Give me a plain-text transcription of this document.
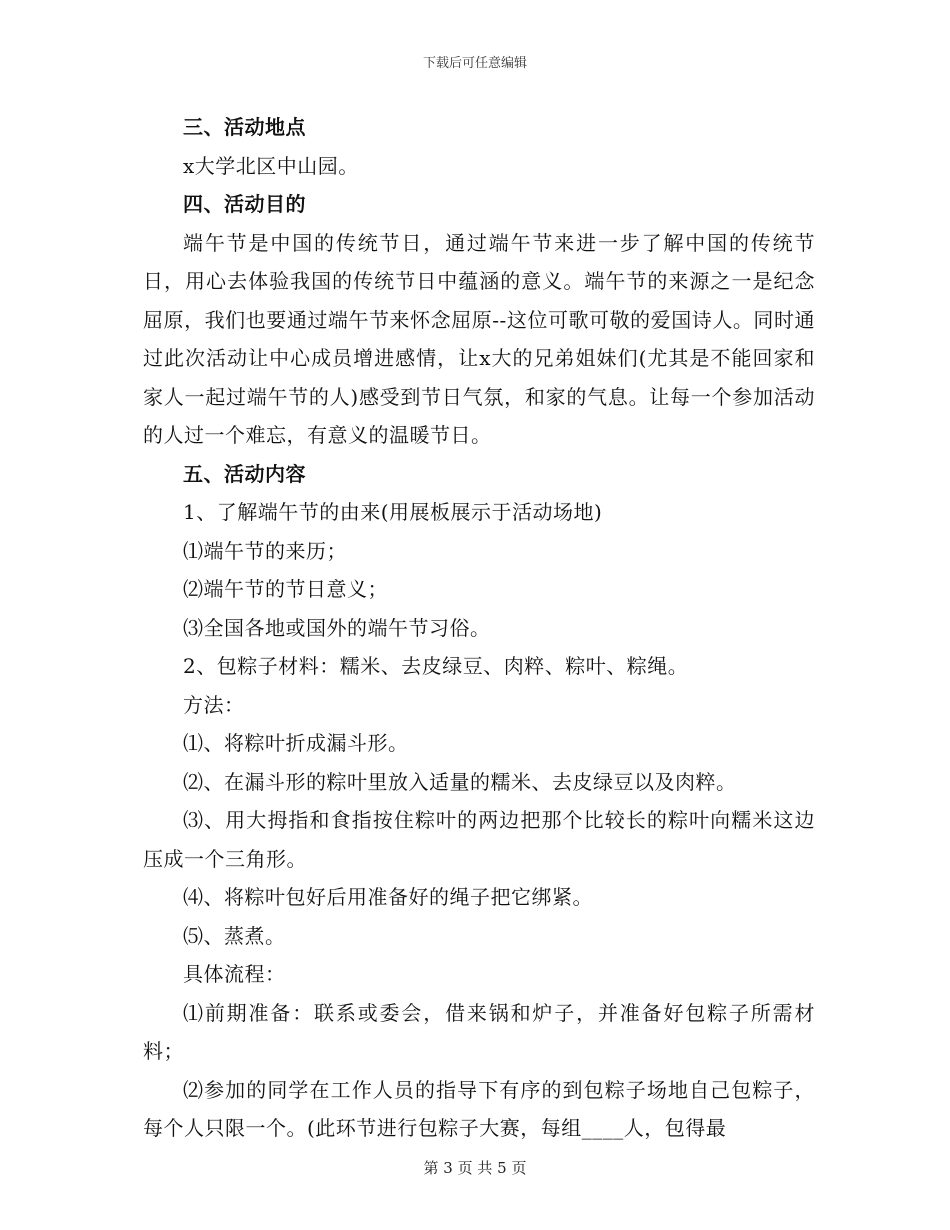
下载后可任意编辑

三、活动地点

x大学北区中山园。

四、活动目的

端午节是中国的传统节日，通过端午节来进一步了解中国的传统节日，用心去体验我国的传统节日中蕴涵的意义。端午节的来源之一是纪念屈原，我们也要通过端午节来怀念屈原--这位可歌可敬的爱国诗人。同时通过此次活动让中心成员增进感情，让x大的兄弟姐妹们(尤其是不能回家和家人一起过端午节的人)感受到节日气氛，和家的气息。让每一个参加活动的人过一个难忘，有意义的温暖节日。

五、活动内容

1、了解端午节的由来(用展板展示于活动场地)

⑴端午节的来历；

⑵端午节的节日意义；

⑶全国各地或国外的端午节习俗。

2、包粽子材料：糯米、去皮绿豆、肉粹、粽叶、粽绳。

方法：

⑴、将粽叶折成漏斗形。

⑵、在漏斗形的粽叶里放入适量的糯米、去皮绿豆以及肉粹。

⑶、用大拇指和食指按住粽叶的两边把那个比较长的粽叶向糯米这边压成一个三角形。

⑷、将粽叶包好后用准备好的绳子把它绑紧。

⑸、蒸煮。

具体流程：

⑴前期准备：联系或委会，借来锅和炉子，并准备好包粽子所需材料；

⑵参加的同学在工作人员的指导下有序的到包粽子场地自己包粽子，每个人只限一个。(此环节进行包粽子大赛，每组____人，包得最

第 3 页 共 5 页
